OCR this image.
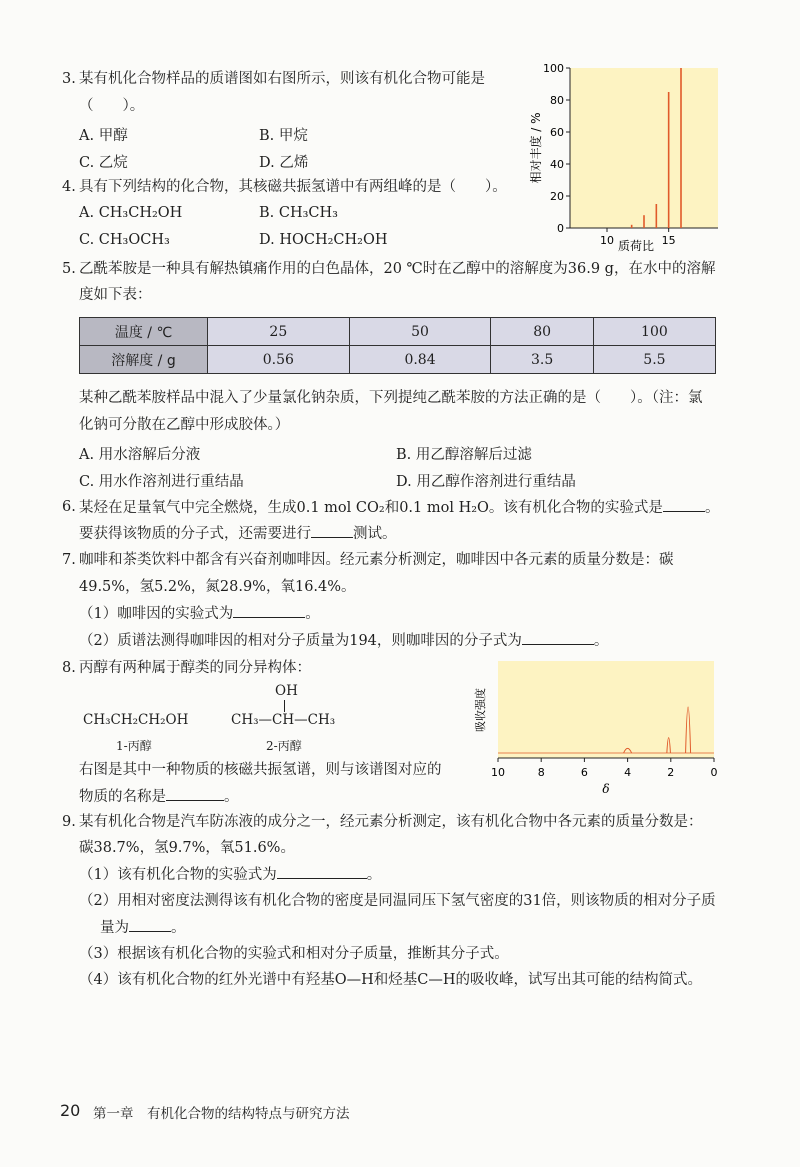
3. 某有机化合物样品的质谱图如右图所示，则该有机化合物可能是
（　　）。
A. 甲醇	B. 甲烷
C. 乙烷	D. 乙烯
0
20
40
60
80
100
10	15
相对丰度 / %
质荷比
4. 具有下列结构的化合物，其核磁共振氢谱中有两组峰的是（　　）。
A. CH₃CH₂OH	B. CH₃CH₃
C. CH₃OCH₃	D. HOCH₂CH₂OH
5. 乙酰苯胺是一种具有解热镇痛作用的白色晶体，20 ℃时在乙醇中的溶解度为36.9 g，在水中的溶解
度如下表：
温度 / ℃	25	50	80	100
溶解度 / g	0.56	0.84	3.5	5.5
某种乙酰苯胺样品中混入了少量氯化钠杂质，下列提纯乙酰苯胺的方法正确的是（　　）。（注：氯
化钠可分散在乙醇中形成胶体。）
A. 用水溶解后分液	B. 用乙醇溶解后过滤
C. 用水作溶剂进行重结晶	D. 用乙醇作溶剂进行重结晶
6. 某烃在足量氧气中完全燃烧，生成0.1 mol CO₂和0.1 mol H₂O。该有机化合物的实验式是	。
要获得该物质的分子式，还需要进行	测试。
7. 咖啡和茶类饮料中都含有兴奋剂咖啡因。经元素分析测定，咖啡因中各元素的质量分数是：碳
49.5%，氢5.2%，氮28.9%，氧16.4%。
（1）咖啡因的实验式为	。
（2）质谱法测得咖啡因的相对分子质量为194，则咖啡因的分子式为	。
8. 丙醇有两种属于醇类的同分异构体：
CH₃CH₂CH₂OH
1-丙醇
OH
CH₃—CH—CH₃
2-丙醇
右图是其中一种物质的核磁共振氢谱，则与该谱图对应的
物质的名称是	。
10	8	6	4	2	0
吸收强度
δ
9. 某有机化合物是汽车防冻液的成分之一，经元素分析测定，该有机化合物中各元素的质量分数是：
碳38.7%，氢9.7%，氧51.6%。
（1）该有机化合物的实验式为	。
（2）用相对密度法测得该有机化合物的密度是同温同压下氢气密度的31倍，则该物质的相对分子质
量为	。
（3）根据该有机化合物的实验式和相对分子质量，推断其分子式。
（4）该有机化合物的红外光谱中有羟基O—H和烃基C—H的吸收峰，试写出其可能的结构简式。
20 第一章 有机化合物的结构特点与研究方法
